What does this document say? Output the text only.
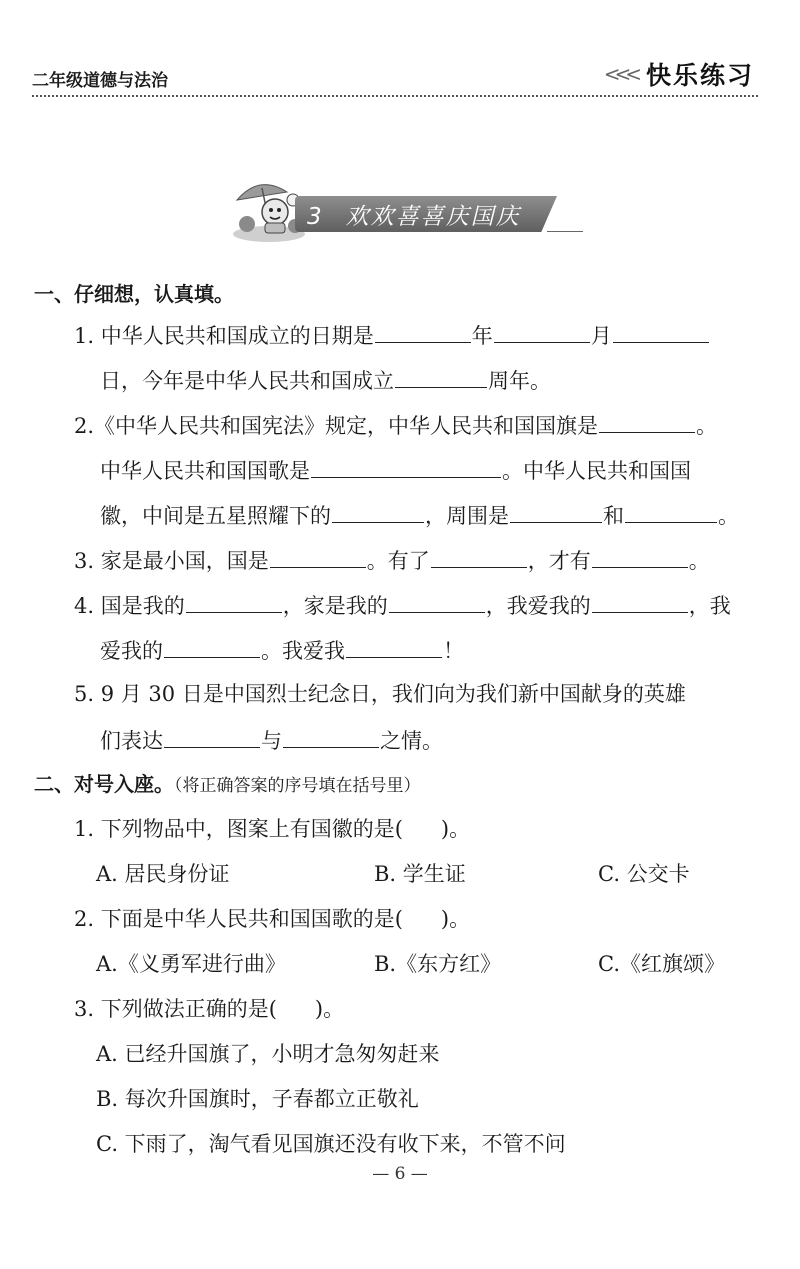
二年级道德与法治	<<< 快乐练习
3 欢欢喜喜庆国庆
一、仔细想，认真填。
1. 中华人民共和国成立的日期是	年	月
日，今年是中华人民共和国成立	周年。
2.《中华人民共和国宪法》规定，中华人民共和国国旗是	。
中华人民共和国国歌是	。中华人民共和国国
徽，中间是五星照耀下的	，周围是	和	。
3. 家是最小国，国是	。有了	，才有	。
4. 国是我的	，家是我的	，我爱我的	，我
爱我的	。我爱我	！
5. 9 月 30 日是中国烈士纪念日，我们向为我们新中国献身的英雄
们表达	与	之情。
二、对号入座。（将正确答案的序号填在括号里）
1. 下列物品中，图案上有国徽的是( )。
A. 居民身份证	B. 学生证	C. 公交卡
2. 下面是中华人民共和国国歌的是( )。
A.《义勇军进行曲》	B.《东方红》	C.《红旗颂》
3. 下列做法正确的是( )。
A. 已经升国旗了，小明才急匆匆赶来
B. 每次升国旗时，子春都立正敬礼
C. 下雨了，淘气看见国旗还没有收下来，不管不问
— 6 —
